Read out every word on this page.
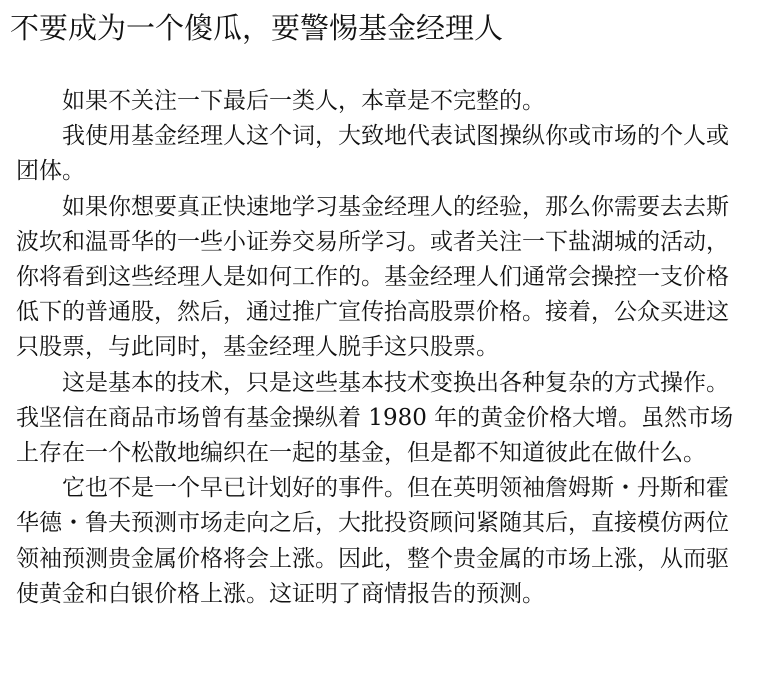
不要成为一个傻瓜，要警惕基金经理人

如果不关注一下最后一类人，本章是不完整的。

我使用基金经理人这个词，大致地代表试图操纵你或市场的个人或团体。

如果你想要真正快速地学习基金经理人的经验，那么你需要去去斯波坎和温哥华的一些小证券交易所学习。或者关注一下盐湖城的活动，你将看到这些经理人是如何工作的。基金经理人们通常会操控一支价格低下的普通股，然后，通过推广宣传抬高股票价格。接着，公众买进这只股票，与此同时，基金经理人脱手这只股票。

这是基本的技术，只是这些基本技术变换出各种复杂的方式操作。我坚信在商品市场曾有基金操纵着 1980 年的黄金价格大增。虽然市场上存在一个松散地编织在一起的基金，但是都不知道彼此在做什么。

它也不是一个早已计划好的事件。但在英明领袖詹姆斯・丹斯和霍华德・鲁夫预测市场走向之后，大批投资顾问紧随其后，直接模仿两位领袖预测贵金属价格将会上涨。因此，整个贵金属的市场上涨，从而驱使黄金和白银价格上涨。这证明了商情报告的预测。
